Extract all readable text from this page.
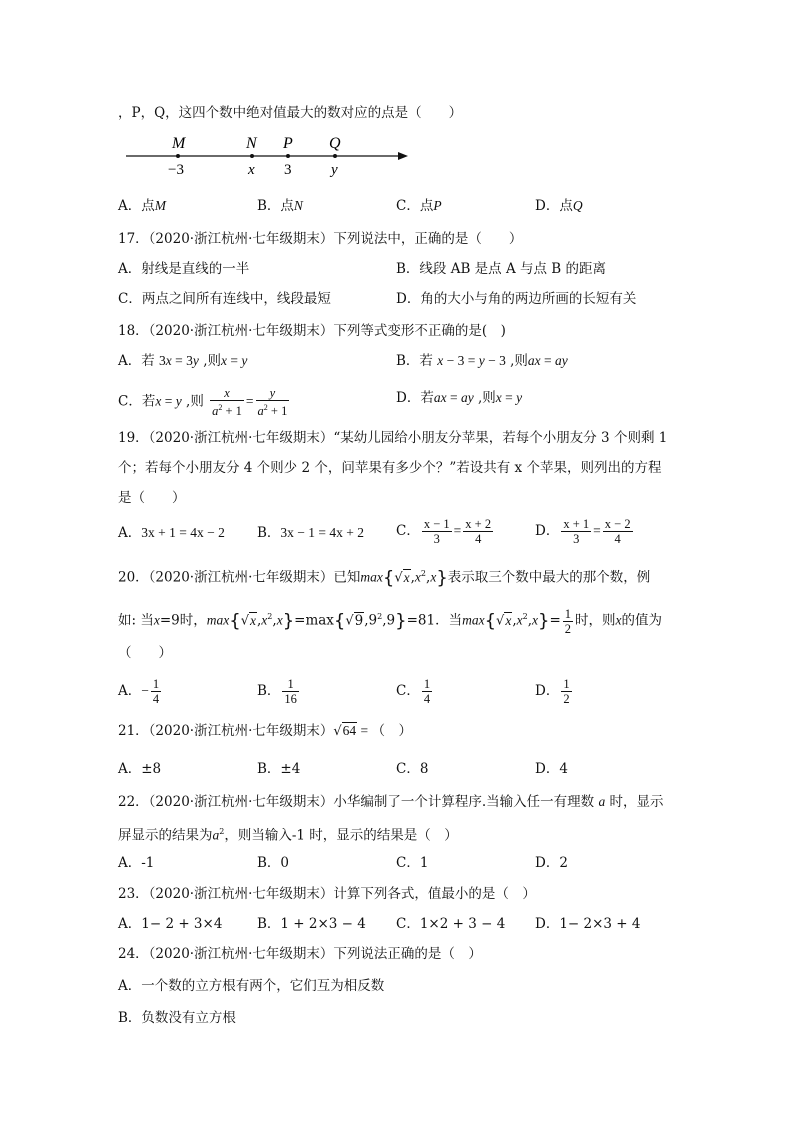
，P，Q，这四个数中绝对值最大的数对应的点是（　　）
M	N P Q
−3	x 3	y
A．点M	B．点N	C．点P	D．点Q
17．（2020·浙江杭州·七年级期末）下列说法中，正确的是（　　）
A．射线是直线的一半	B．线段 AB 是点 A 与点 B 的距离
C．两点之间所有连线中，线段最短	D．角的大小与角的两边所画的长短有关
18．（2020·浙江杭州·七年级期末）下列等式变形不正确的是(　)
A．若 3x = 3y ,则x = y	B．若 x − 3 = y − 3 ,则ax = ay
C．若x = y ,则 $\frac{x}{a^2 + 1} = \frac{y}{a^2 + 1}$	D．若ax = ay ,则x = y
19．（2020·浙江杭州·七年级期末）“某幼儿园给小朋友分苹果，若每个小朋友分 3 个则剩 1
个；若每个小朋友分 4 个则少 2 个，问苹果有多少个？”若设共有 x 个苹果，则列出的方程
是（　　）
A．3x + 1 = 4x − 2 B．3x − 1 = 4x + 2 C． $\frac{x - 1}{3} = \frac{x + 2}{4}$	D． $\frac{x + 1}{3} = \frac{x - 2}{4}$
20．（2020·浙江杭州·七年级期末）已知$\max\{√x,x^2,x\}$表示取三个数中最大的那个数，例
如: 当x=9时，$\max\{√x,x^2,x\}=\max\{√9,9^2,9\}=81$．当$\max\{√x,x^2,x\}= \frac{1}{2}$ 时，则x的值为
（　　）
A．− $\frac{1}{4}$	B． $\frac{1}{16}$	C． $\frac{1}{4}$	D． $\frac{1}{2}$
21．（2020·浙江杭州·七年级期末）√64 = （　）
A．±8	B．±4	C．8	D．4
22．（2020·浙江杭州·七年级期末）小华编制了一个计算程序.当输入任一有理数 a 时，显示
屏显示的结果为$a^2$，则当输入-1 时，显示的结果是（　）
A．-1	B．0	C．1	D．2
23．（2020·浙江杭州·七年级期末）计算下列各式，值最小的是（　）
A．1− 2 + 3×4	B．1 + 2×3 − 4 C．1×2 + 3 − 4 D．1− 2×3 + 4
24．（2020·浙江杭州·七年级期末）下列说法正确的是（　）
A．一个数的立方根有两个，它们互为相反数
B．负数没有立方根
